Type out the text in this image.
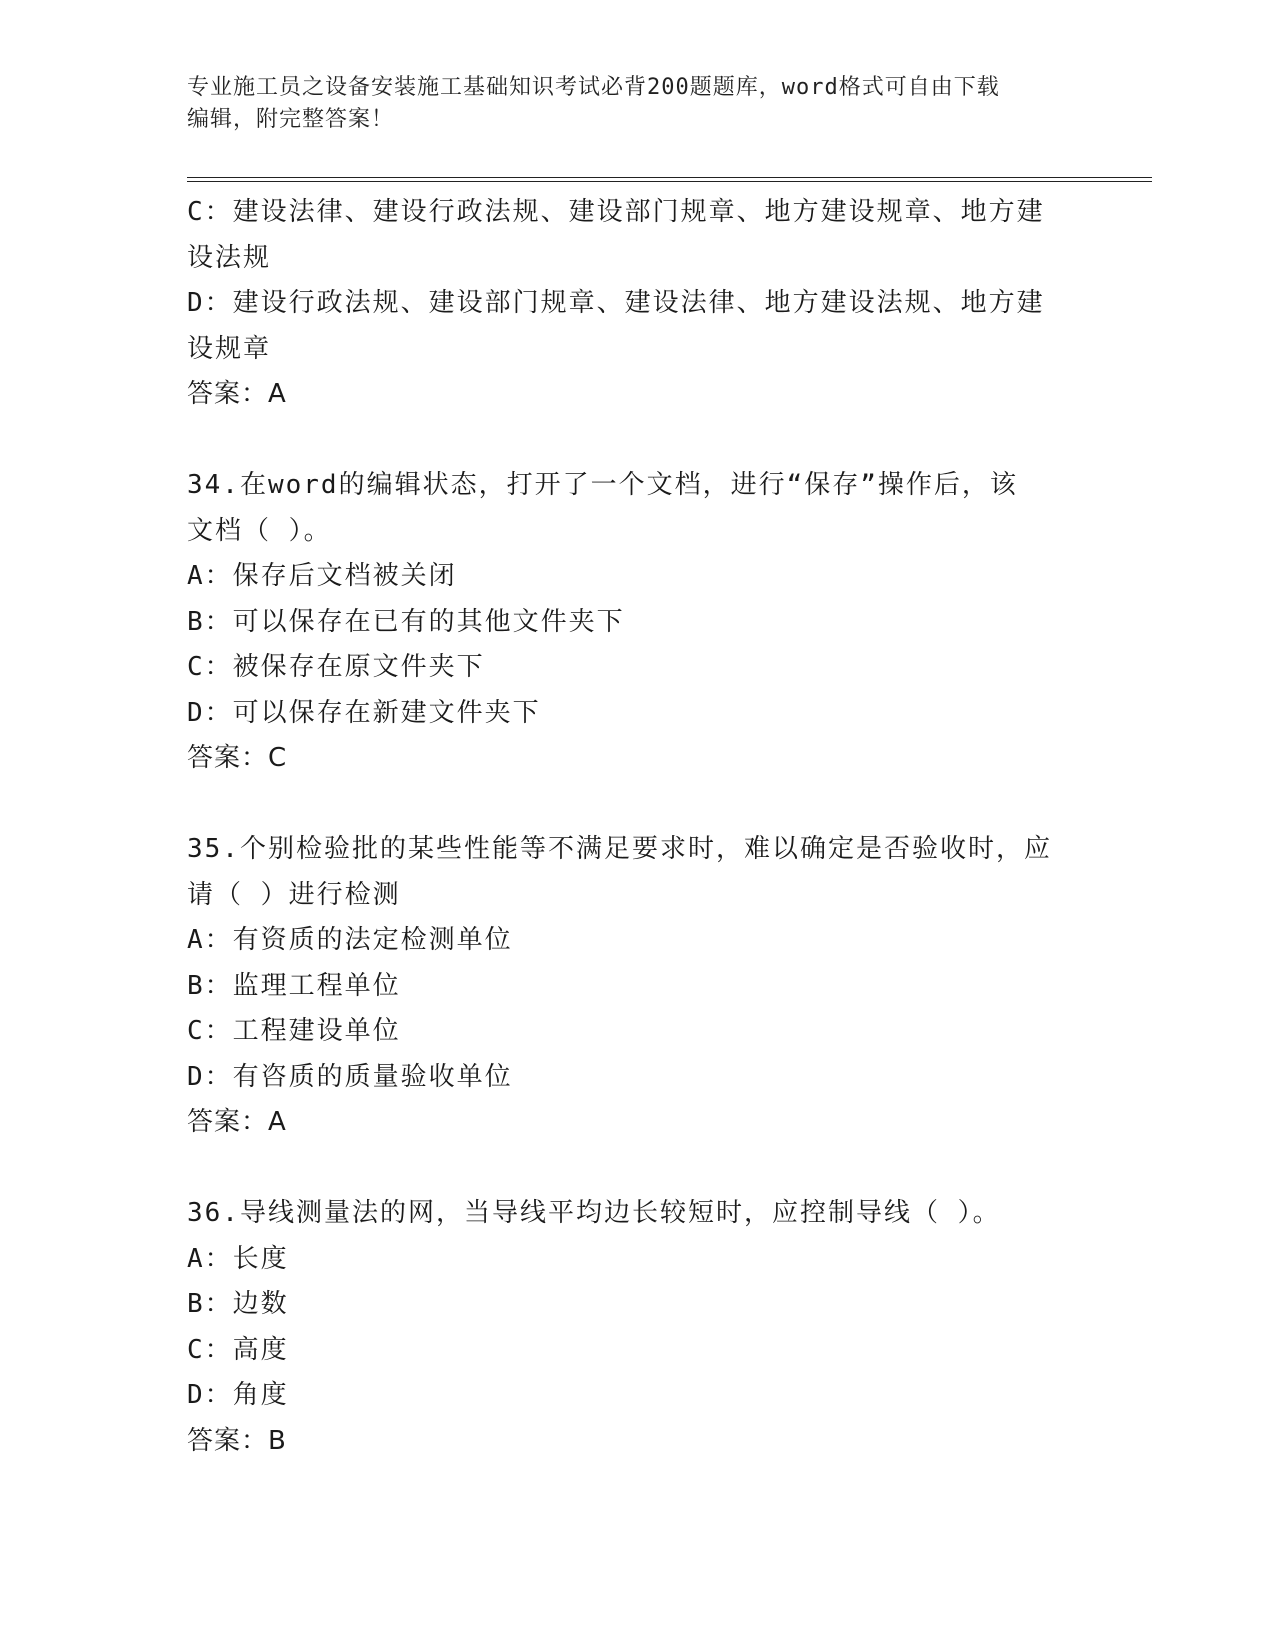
专业施工员之设备安装施工基础知识考试必背200题题库，word格式可自由下载
编辑，附完整答案！
C：建设法律、建设行政法规、建设部门规章、地方建设规章、地方建
设法规
D：建设行政法规、建设部门规章、建设法律、地方建设法规、地方建
设规章
答案：A
34.在word的编辑状态，打开了一个文档，进行“保存”操作后，该
文档（ ）。
A：保存后文档被关闭
B：可以保存在已有的其他文件夹下
C：被保存在原文件夹下
D：可以保存在新建文件夹下
答案：C
35.个别检验批的某些性能等不满足要求时，难以确定是否验收时，应
请（ ）进行检测
A：有资质的法定检测单位
B：监理工程单位
C：工程建设单位
D：有咨质的质量验收单位
答案：A
36.导线测量法的网，当导线平均边长较短时，应控制导线（ ）。
A：长度
B：边数
C：高度
D：角度
答案：B
